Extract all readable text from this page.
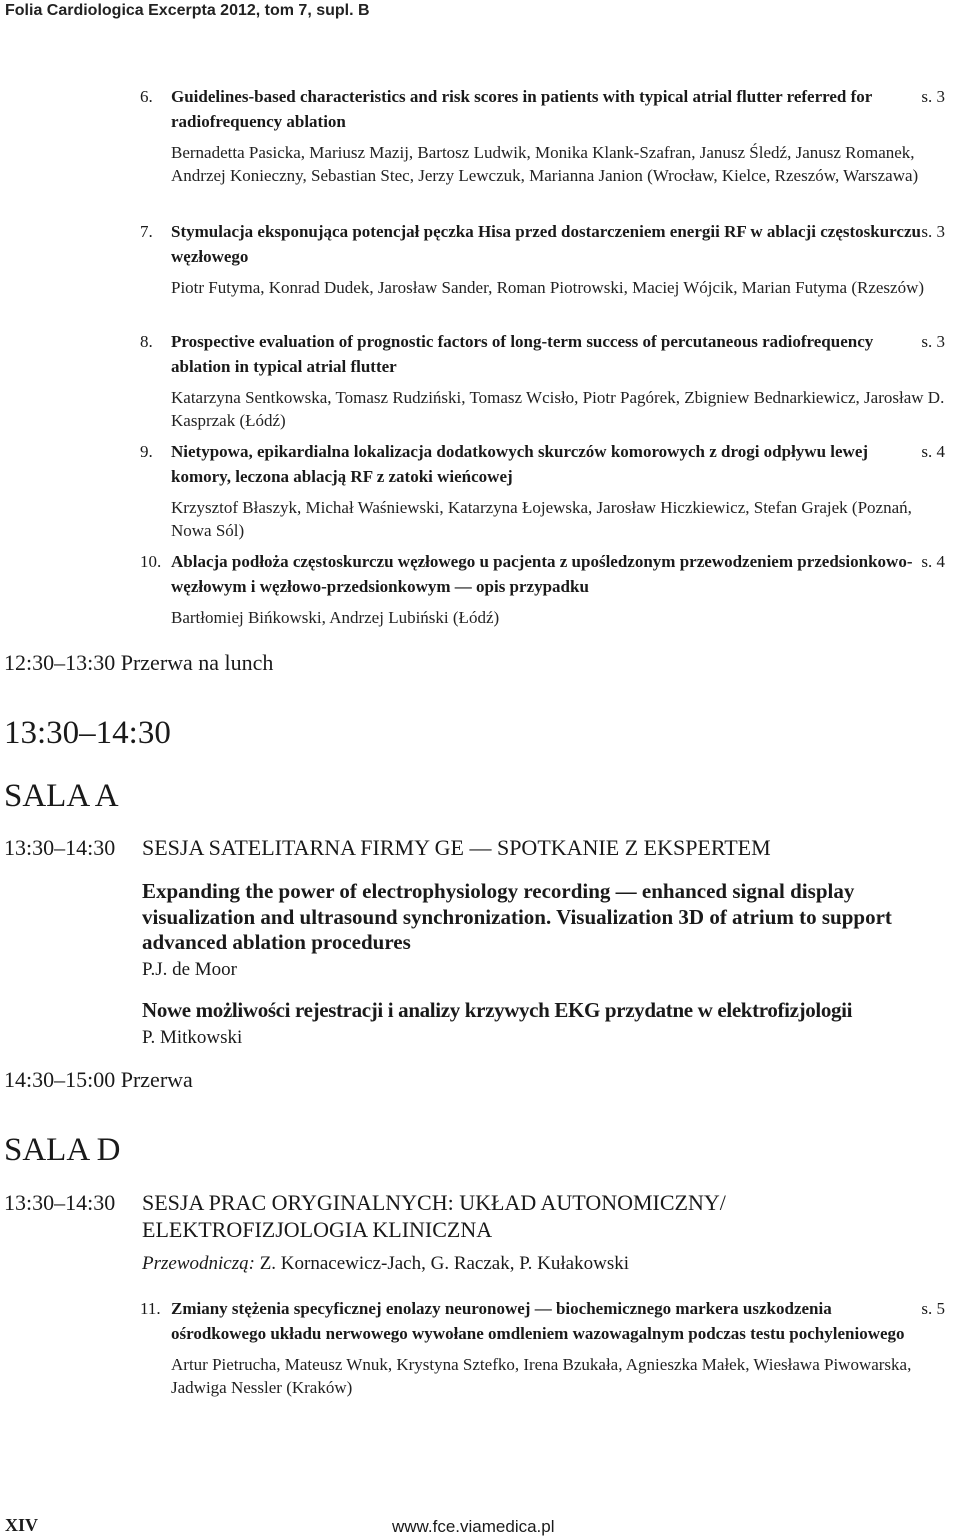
Folia Cardiologica Excerpta 2012, tom 7, supl. B
6.	s. 3
Guidelines-based characteristics and risk scores in patients with typical atrial flutter referred for radiofrequency ablation
Bernadetta Pasicka, Mariusz Mazij, Bartosz Ludwik, Monika Klank-Szafran, Janusz Śledź, Janusz Romanek, Andrzej Konieczny, Sebastian Stec, Jerzy Lewczuk, Marianna Janion (Wrocław, Kielce, Rzeszów, Warszawa)
7.	s. 3
Stymulacja eksponująca potencjał pęczka Hisa przed dostarczeniem energii RF w ablacji częstoskurczu węzłowego
Piotr Futyma, Konrad Dudek, Jarosław Sander, Roman Piotrowski, Maciej Wójcik, Marian Futyma (Rzeszów)
8.	s. 3
Prospective evaluation of prognostic factors of long-term success of percutaneous radiofrequency ablation in typical atrial flutter
Katarzyna Sentkowska, Tomasz Rudziński, Tomasz Wcisło, Piotr Pagórek, Zbigniew Bednarkiewicz, Jarosław D. Kasprzak (Łódź)
9.	s. 4
Nietypowa, epikardialna lokalizacja dodatkowych skurczów komorowych z drogi odpływu lewej komory, leczona ablacją RF z zatoki wieńcowej
Krzysztof Błaszyk, Michał Waśniewski, Katarzyna Łojewska, Jarosław Hiczkiewicz, Stefan Grajek (Poznań, Nowa Sól)
10.	s. 4
Ablacja podłoża częstoskurczu węzłowego u pacjenta z upośledzonym przewodzeniem przedsionkowo-węzłowym i węzłowo-przedsionkowym — opis przypadku
Bartłomiej Bińkowski, Andrzej Lubiński (Łódź)
12:30–13:30 Przerwa na lunch
13:30–14:30
SALA A
13:30–14:30 SESJA SATELITARNA FIRMY GE — SPOTKANIE Z EKSPERTEM
Expanding the power of electrophysiology recording — enhanced signal display visualization and ultrasound synchronization. Visualization 3D of atrium to support advanced ablation procedures
P.J. de Moor
Nowe możliwości rejestracji i analizy krzywych EKG przydatne w elektrofizjologii
P. Mitkowski
14:30–15:00 Przerwa
SALA D
13:30–14:30 SESJA PRAC ORYGINALNYCH: UKŁAD AUTONOMICZNY/ ELEKTROFIZJOLOGIA KLINICZNA
Przewodniczą: Z. Kornacewicz-Jach, G. Raczak, P. Kułakowski
11.	s. 5
Zmiany stężenia specyficznej enolazy neuronowej — biochemicznego markera uszkodzenia ośrodkowego układu nerwowego wywołane omdleniem wazowagalnym podczas testu pochyleniowego
Artur Pietrucha, Mateusz Wnuk, Krystyna Sztefko, Irena Bzukała, Agnieszka Małek, Wiesława Piwowarska, Jadwiga Nessler (Kraków)
XIV	www.fce.viamedica.pl
